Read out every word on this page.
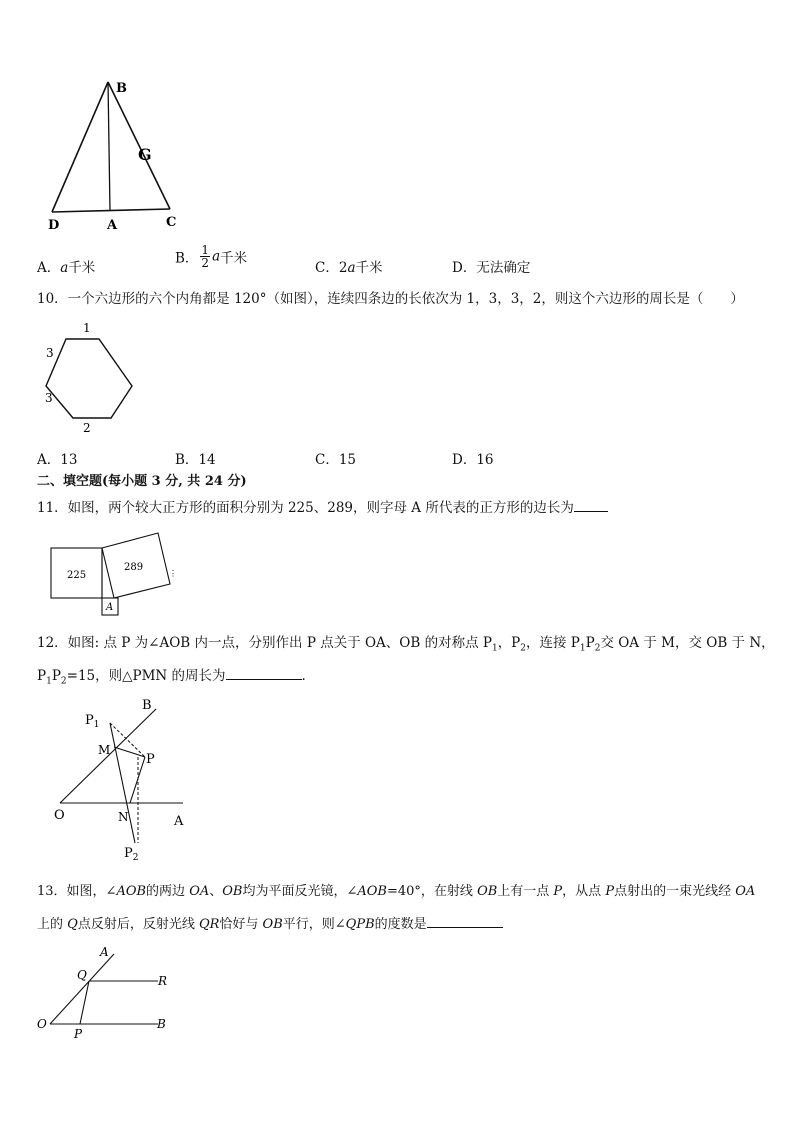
B
G
D	A	C
A．a千米
B． $\frac{1}{2}$ a千米
C．2a千米	D．无法确定
10．一个六边形的六个内角都是 120°（如图），连续四条边的长依次为 1，3，3，2，则这个六边形的周长是（　　）
1
3
3
2
A．13	B．14	C．15	D．16
二、填空题(每小题 3 分, 共 24 分)
11．如图，两个较大正方形的面积分别为 225、289，则字母 A 所代表的正方形的边长为
225
289
A
⋮
12．如图: 点 P 为∠AOB 内一点，分别作出 P 点关于 OA、OB 的对称点 $P_1$，$P_2$，连接 $P_1P_2$交 OA 于 M，交 OB 于 N，
$P_1P_2=15$，则△PMN 的周长为	.
$P_1$
B
M
P
O	N	A
$P_2$
13．如图，∠AOB的两边 OA、OB均为平面反光镜，∠AOB=40°，在射线 OB上有一点 P，从点 P点射出的一束光线经 OA
上的 Q点反射后，反射光线 QR恰好与 OB平行，则∠QPB的度数是
A
Q	R
O
P
B
